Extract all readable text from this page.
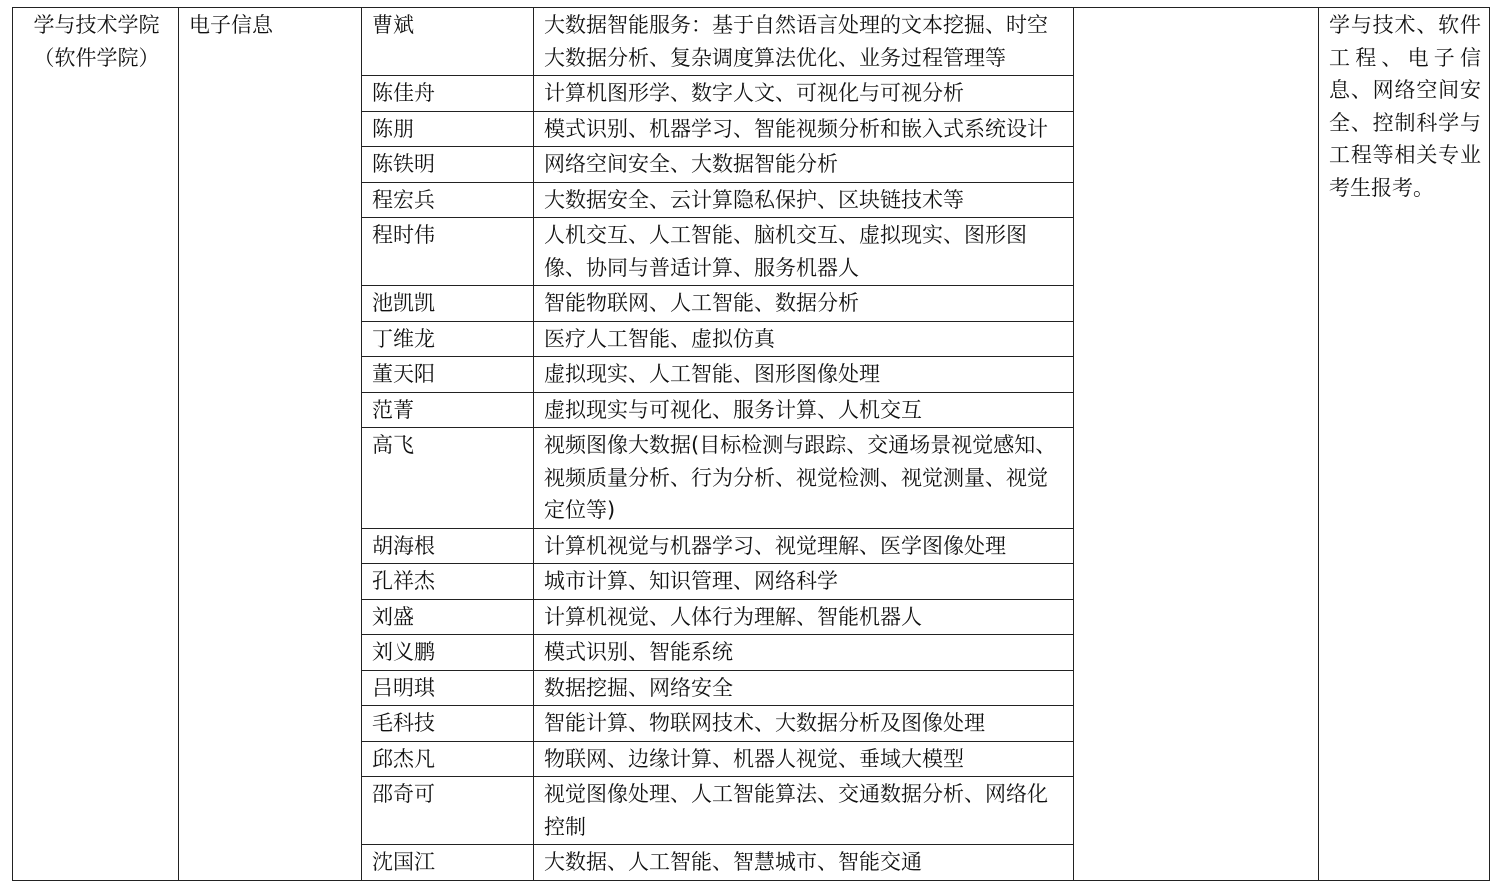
学与技术学院（软件学院）	电子信息	曹斌	大数据智能服务：基于自然语言处理的文本挖掘、时空大数据分析、复杂调度算法优化、业务过程管理等		学与技术、软件工程、电子信息、网络空间安全、控制科学与工程等相关专业考生报考。
		陈佳舟	计算机图形学、数字人文、可视化与可视分析		
		陈朋	模式识别、机器学习、智能视频分析和嵌入式系统设计		
		陈铁明	网络空间安全、大数据智能分析		
		程宏兵	大数据安全、云计算隐私保护、区块链技术等		
		程时伟	人机交互、人工智能、脑机交互、虚拟现实、图形图像、协同与普适计算、服务机器人		
		池凯凯	智能物联网、人工智能、数据分析		
		丁维龙	医疗人工智能、虚拟仿真		
		董天阳	虚拟现实、人工智能、图形图像处理		
		范菁	虚拟现实与可视化、服务计算、人机交互		
		高飞	视频图像大数据(目标检测与跟踪、交通场景视觉感知、视频质量分析、行为分析、视觉检测、视觉测量、视觉定位等)		
		胡海根	计算机视觉与机器学习、视觉理解、医学图像处理		
		孔祥杰	城市计算、知识管理、网络科学		
		刘盛	计算机视觉、人体行为理解、智能机器人		
		刘义鹏	模式识别、智能系统		
		吕明琪	数据挖掘、网络安全		
		毛科技	智能计算、物联网技术、大数据分析及图像处理		
		邱杰凡	物联网、边缘计算、机器人视觉、垂域大模型		
		邵奇可	视觉图像处理、人工智能算法、交通数据分析、网络化控制		
		沈国江	大数据、人工智能、智慧城市、智能交通		
